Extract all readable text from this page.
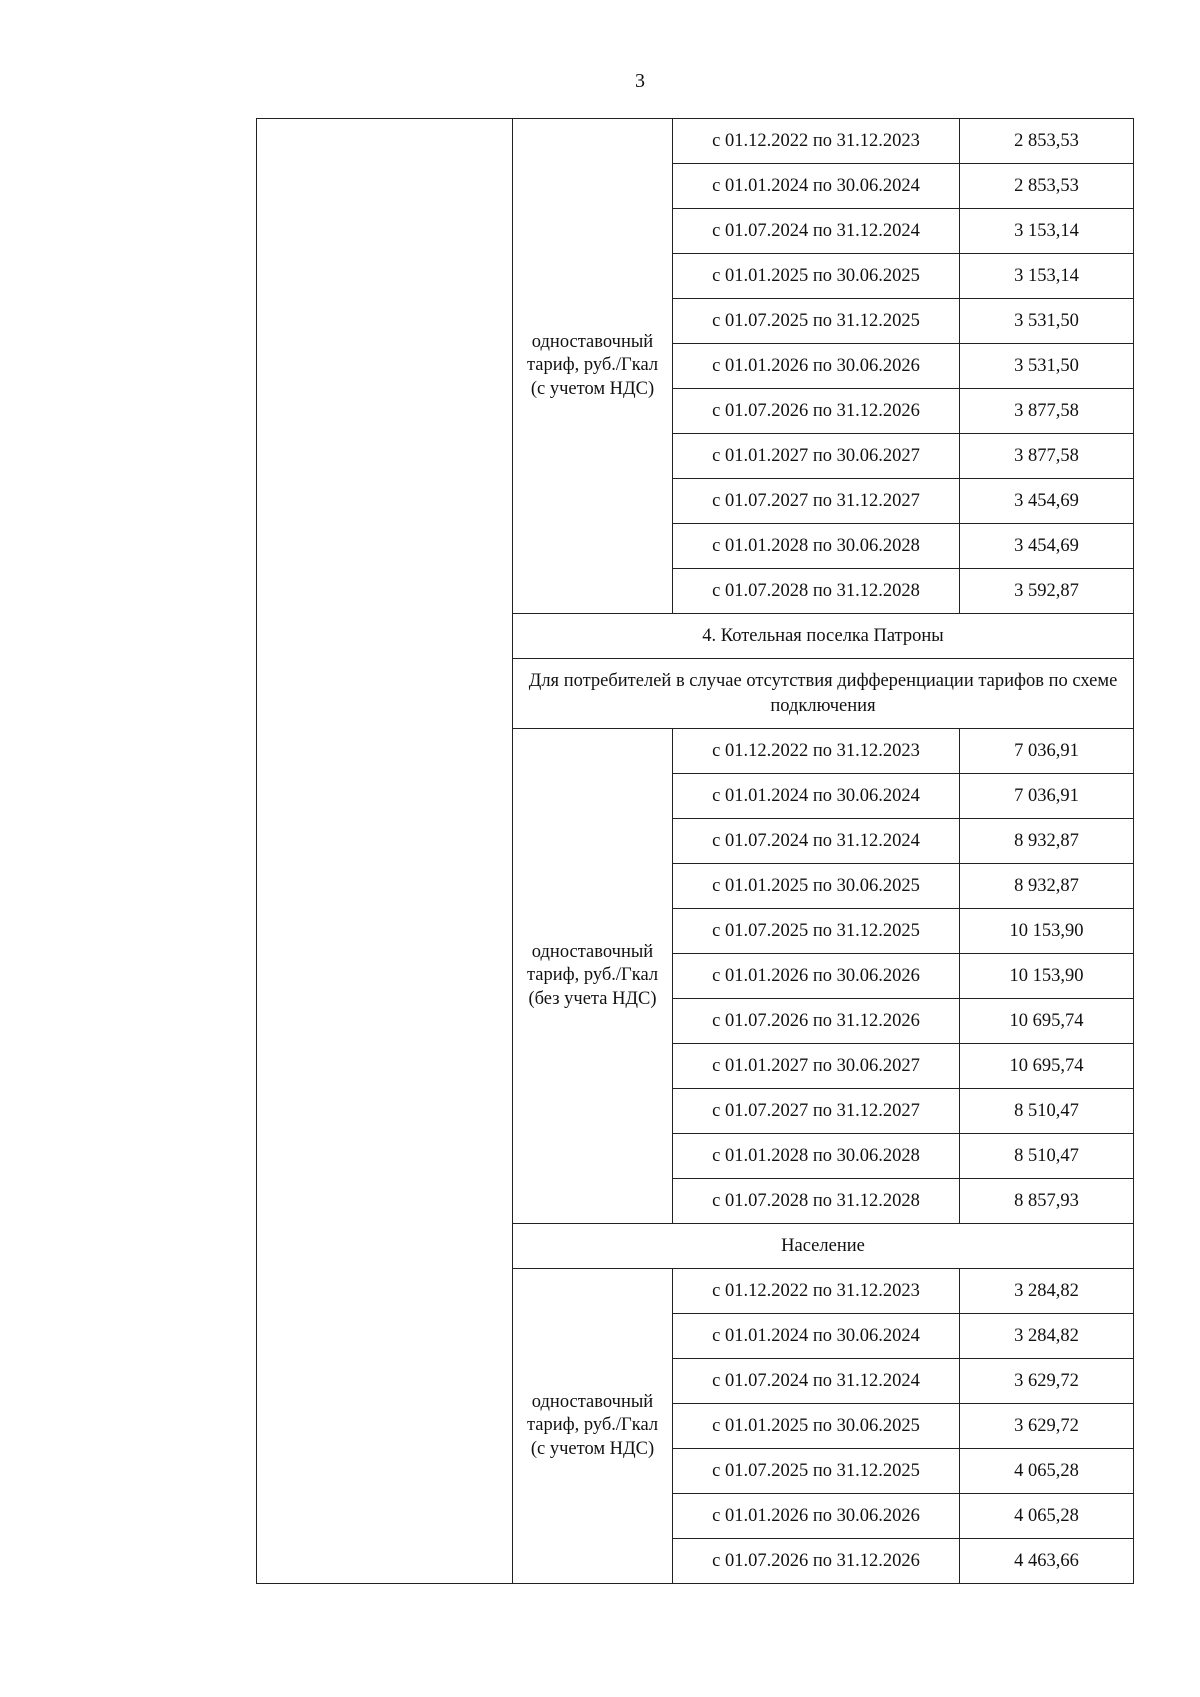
3
	одноставочный тариф, руб./Гкал (с учетом НДС)	с 01.12.2022 по 31.12.2023	2 853,53
		с 01.01.2024 по 30.06.2024	2 853,53
		с 01.07.2024 по 31.12.2024	3 153,14
		с 01.01.2025 по 30.06.2025	3 153,14
		с 01.07.2025 по 31.12.2025	3 531,50
		с 01.01.2026 по 30.06.2026	3 531,50
		с 01.07.2026 по 31.12.2026	3 877,58
		с 01.01.2027 по 30.06.2027	3 877,58
		с 01.07.2027 по 31.12.2027	3 454,69
		с 01.01.2028 по 30.06.2028	3 454,69
		с 01.07.2028 по 31.12.2028	3 592,87
	4. Котельная поселка Патроны		
	Для потребителей в случае отсутствия дифференциации тарифов по схеме подключения		
	одноставочный тариф, руб./Гкал (без учета НДС)	с 01.12.2022 по 31.12.2023	7 036,91
		с 01.01.2024 по 30.06.2024	7 036,91
		с 01.07.2024 по 31.12.2024	8 932,87
		с 01.01.2025 по 30.06.2025	8 932,87
		с 01.07.2025 по 31.12.2025	10 153,90
		с 01.01.2026 по 30.06.2026	10 153,90
		с 01.07.2026 по 31.12.2026	10 695,74
		с 01.01.2027 по 30.06.2027	10 695,74
		с 01.07.2027 по 31.12.2027	8 510,47
		с 01.01.2028 по 30.06.2028	8 510,47
		с 01.07.2028 по 31.12.2028	8 857,93
	Население		
	одноставочный тариф, руб./Гкал (с учетом НДС)	с 01.12.2022 по 31.12.2023	3 284,82
		с 01.01.2024 по 30.06.2024	3 284,82
		с 01.07.2024 по 31.12.2024	3 629,72
		с 01.01.2025 по 30.06.2025	3 629,72
		с 01.07.2025 по 31.12.2025	4 065,28
		с 01.01.2026 по 30.06.2026	4 065,28
		с 01.07.2026 по 31.12.2026	4 463,66
